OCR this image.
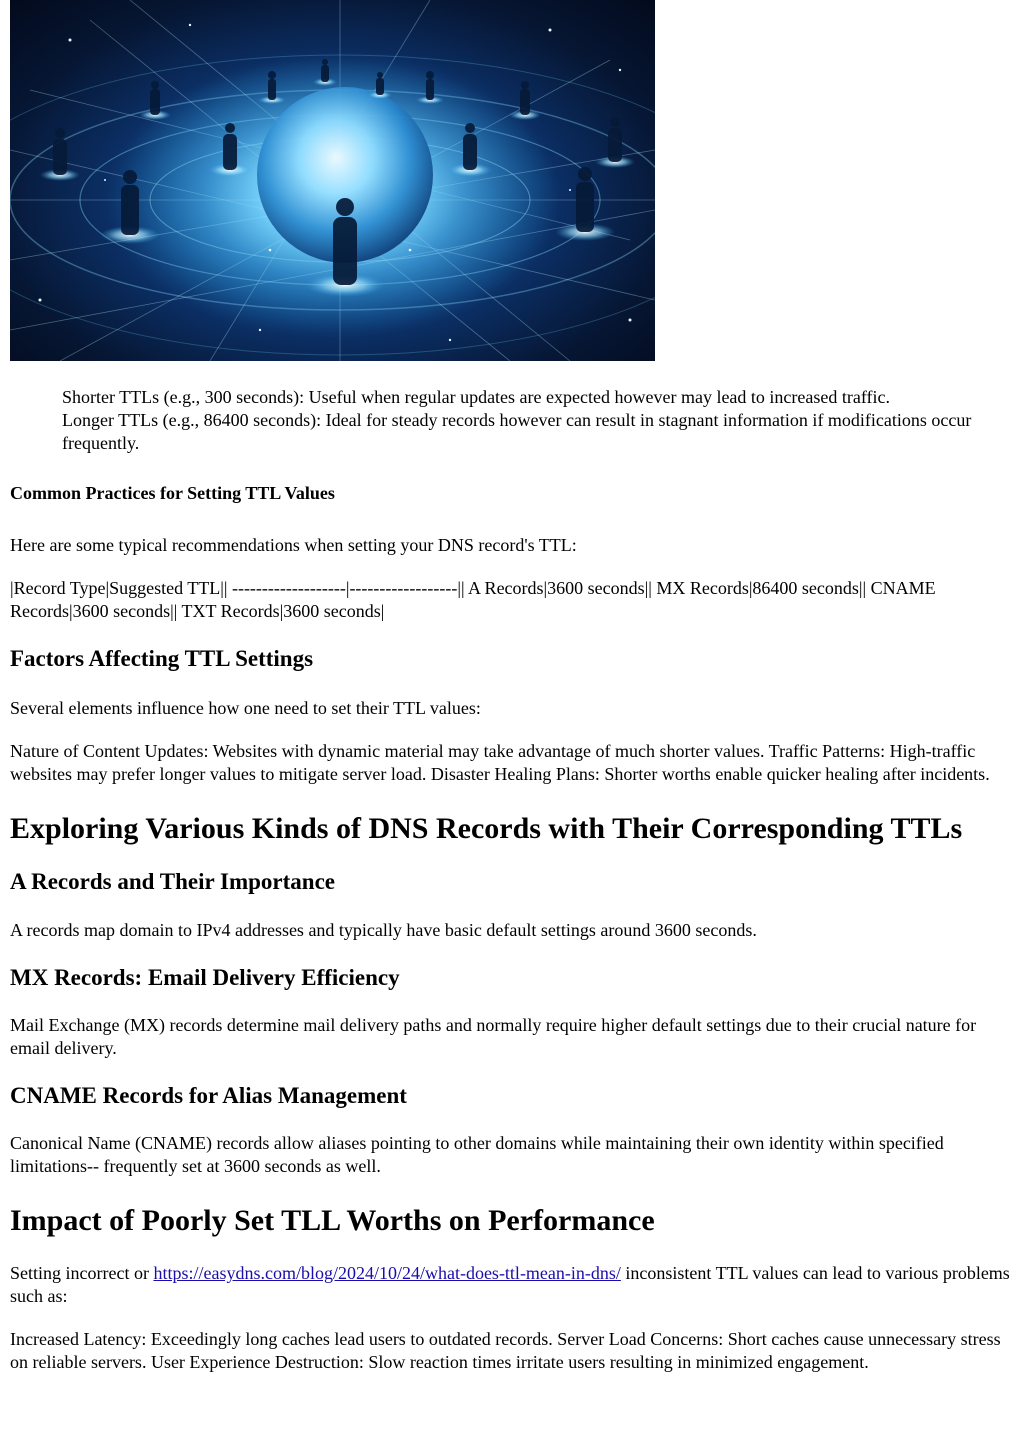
Shorter TTLs (e.g., 300 seconds): Useful when regular updates are expected however may lead to increased traffic.
Longer TTLs (e.g., 86400 seconds): Ideal for steady records however can result in stagnant information if modifications occur frequently.
Common Practices for Setting TTL Values

Here are some typical recommendations when setting your DNS record's TTL:

|Record Type|Suggested TTL|| -------------------|------------------|| A Records|3600 seconds|| MX Records|86400 seconds|| CNAME Records|3600 seconds|| TXT Records|3600 seconds|

Factors Affecting TTL Settings

Several elements influence how one need to set their TTL values:

Nature of Content Updates: Websites with dynamic material may take advantage of much shorter values. Traffic Patterns: High-traffic websites may prefer longer values to mitigate server load. Disaster Healing Plans: Shorter worths enable quicker healing after incidents.

Exploring Various Kinds of DNS Records with Their Corresponding TTLs
A Records and Their Importance

A records map domain to IPv4 addresses and typically have basic default settings around 3600 seconds.

MX Records: Email Delivery Efficiency

Mail Exchange (MX) records determine mail delivery paths and normally require higher default settings due to their crucial nature for email delivery.

CNAME Records for Alias Management

Canonical Name (CNAME) records allow aliases pointing to other domains while maintaining their own identity within specified limitations-- frequently set at 3600 seconds as well.

Impact of Poorly Set TLL Worths on Performance

Setting incorrect or https://easydns.com/blog/2024/10/24/what-does-ttl-mean-in-dns/ inconsistent TTL values can lead to various problems such as:

Increased Latency: Exceedingly long caches lead users to outdated records. Server Load Concerns: Short caches cause unnecessary stress on reliable servers. User Experience Destruction: Slow reaction times irritate users resulting in minimized engagement.
